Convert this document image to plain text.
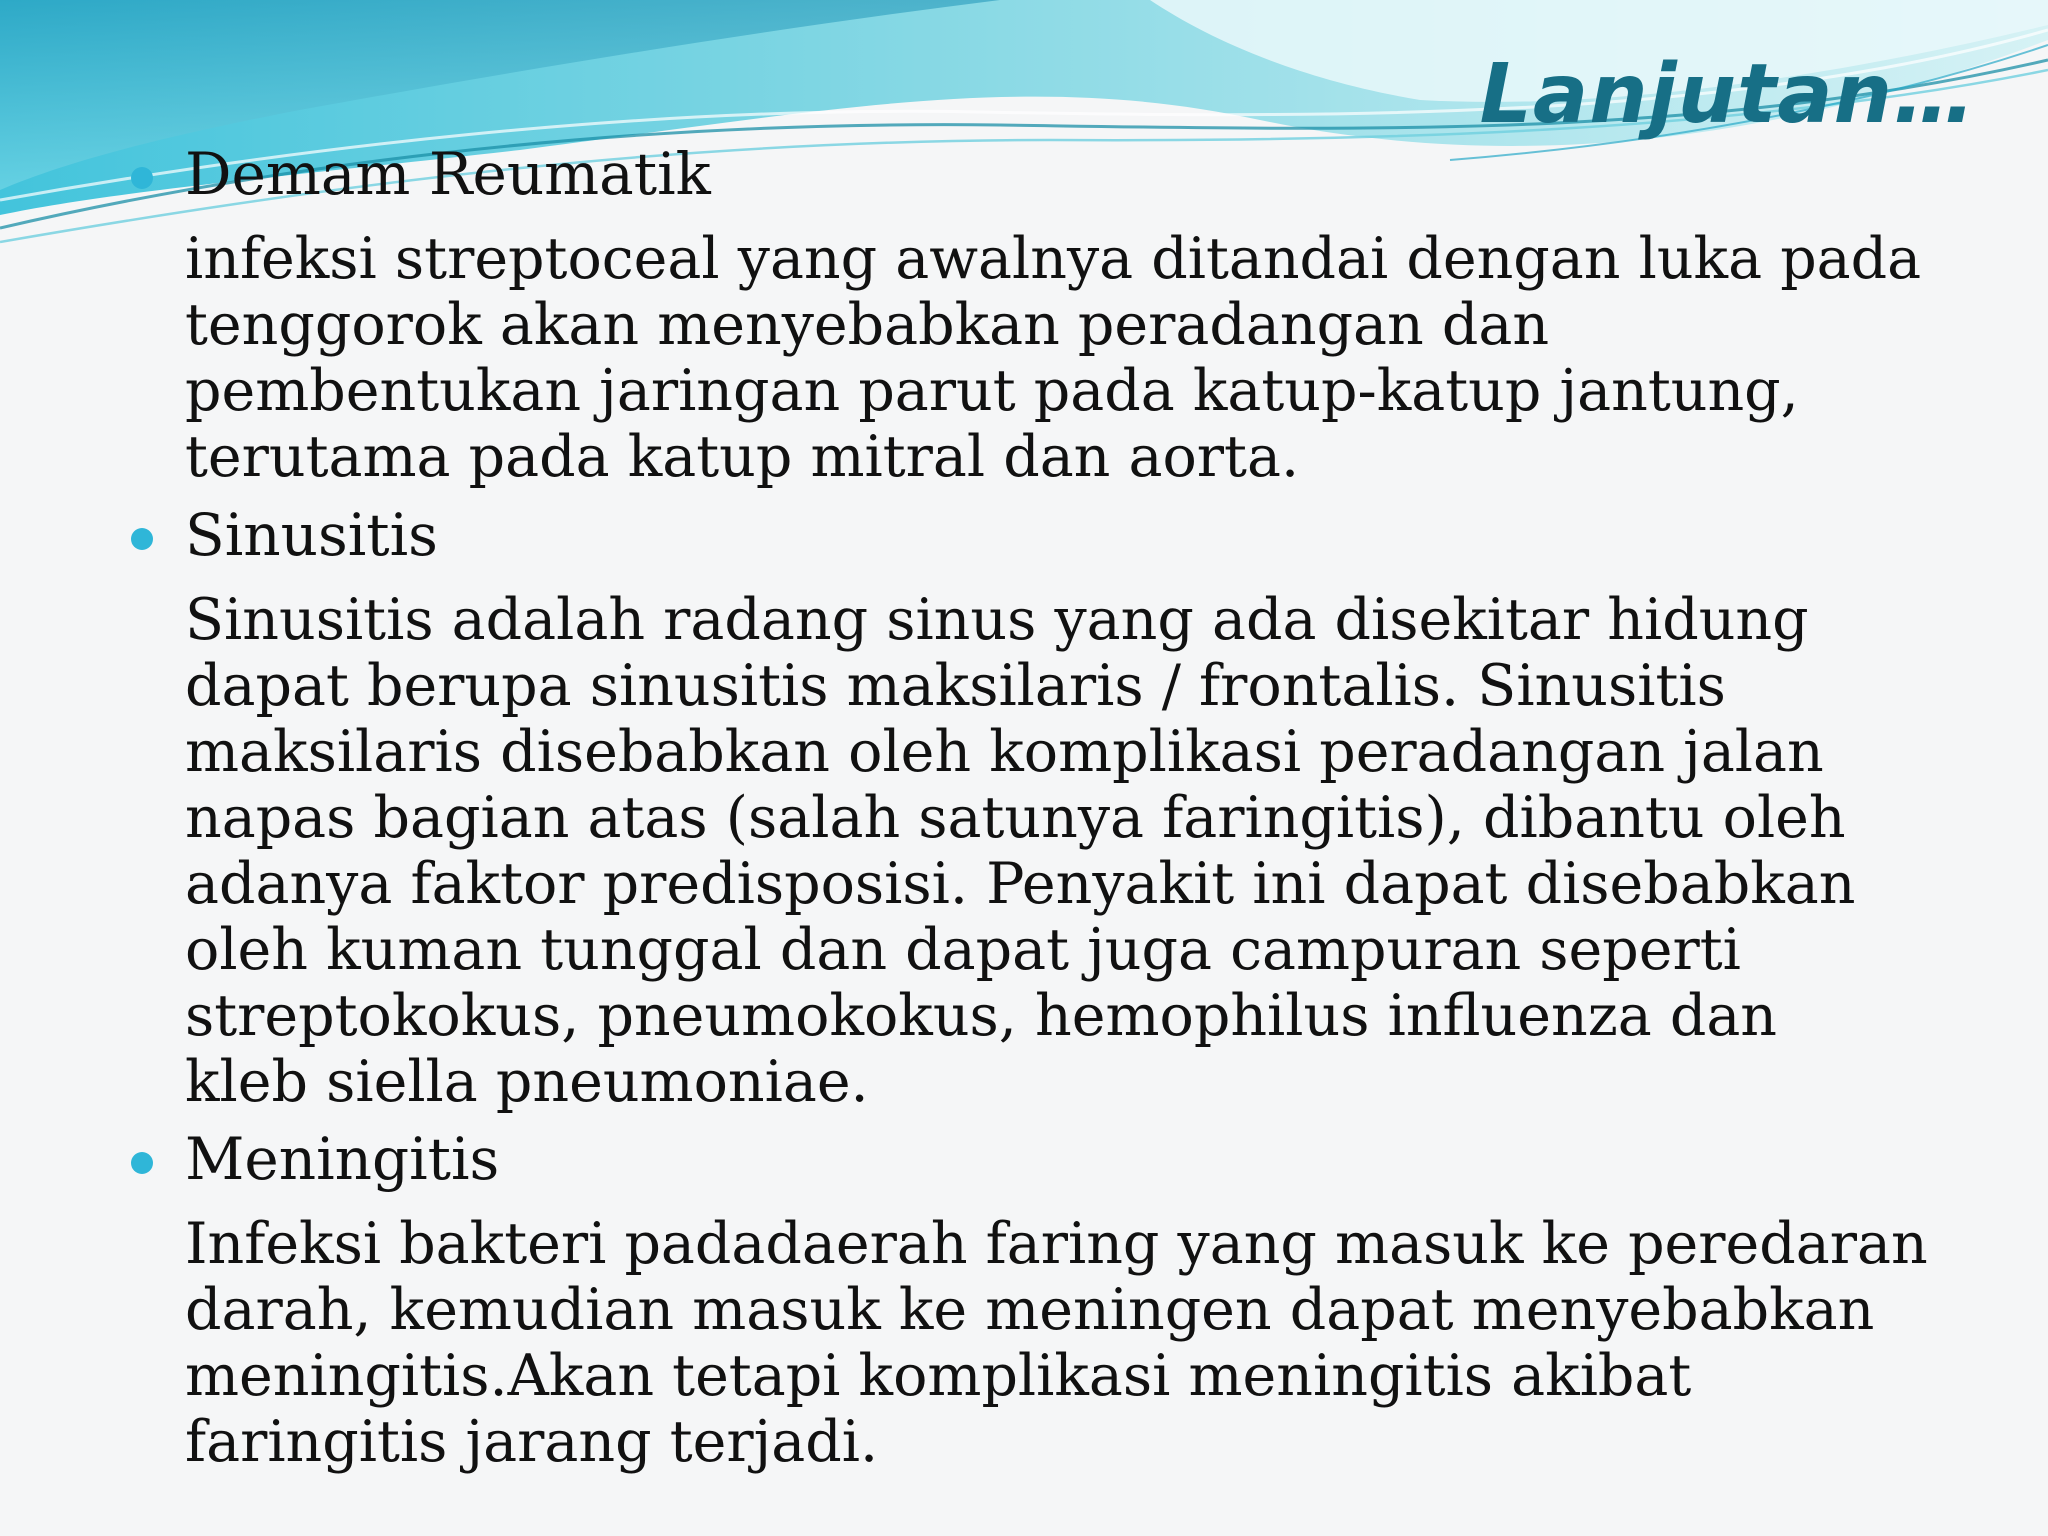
Lanjutan…

Demam Reumatik

infeksi streptoceal yang awalnya ditandai dengan luka pada
tenggorok akan menyebabkan peradangan dan
pembentukan jaringan parut pada katup-katup jantung,
terutama pada katup mitral dan aorta.

Sinusitis

Sinusitis adalah radang sinus yang ada disekitar hidung
dapat berupa sinusitis maksilaris / frontalis. Sinusitis
maksilaris disebabkan oleh komplikasi peradangan jalan
napas bagian atas (salah satunya faringitis), dibantu oleh
adanya faktor predisposisi. Penyakit ini dapat disebabkan
oleh kuman tunggal dan dapat juga campuran seperti
streptokokus, pneumokokus, hemophilus influenza dan
kleb siella pneumoniae.

Meningitis

Infeksi bakteri padadaerah faring yang masuk ke peredaran
darah, kemudian masuk ke meningen dapat menyebabkan
meningitis.Akan tetapi komplikasi meningitis akibat
faringitis jarang terjadi.
